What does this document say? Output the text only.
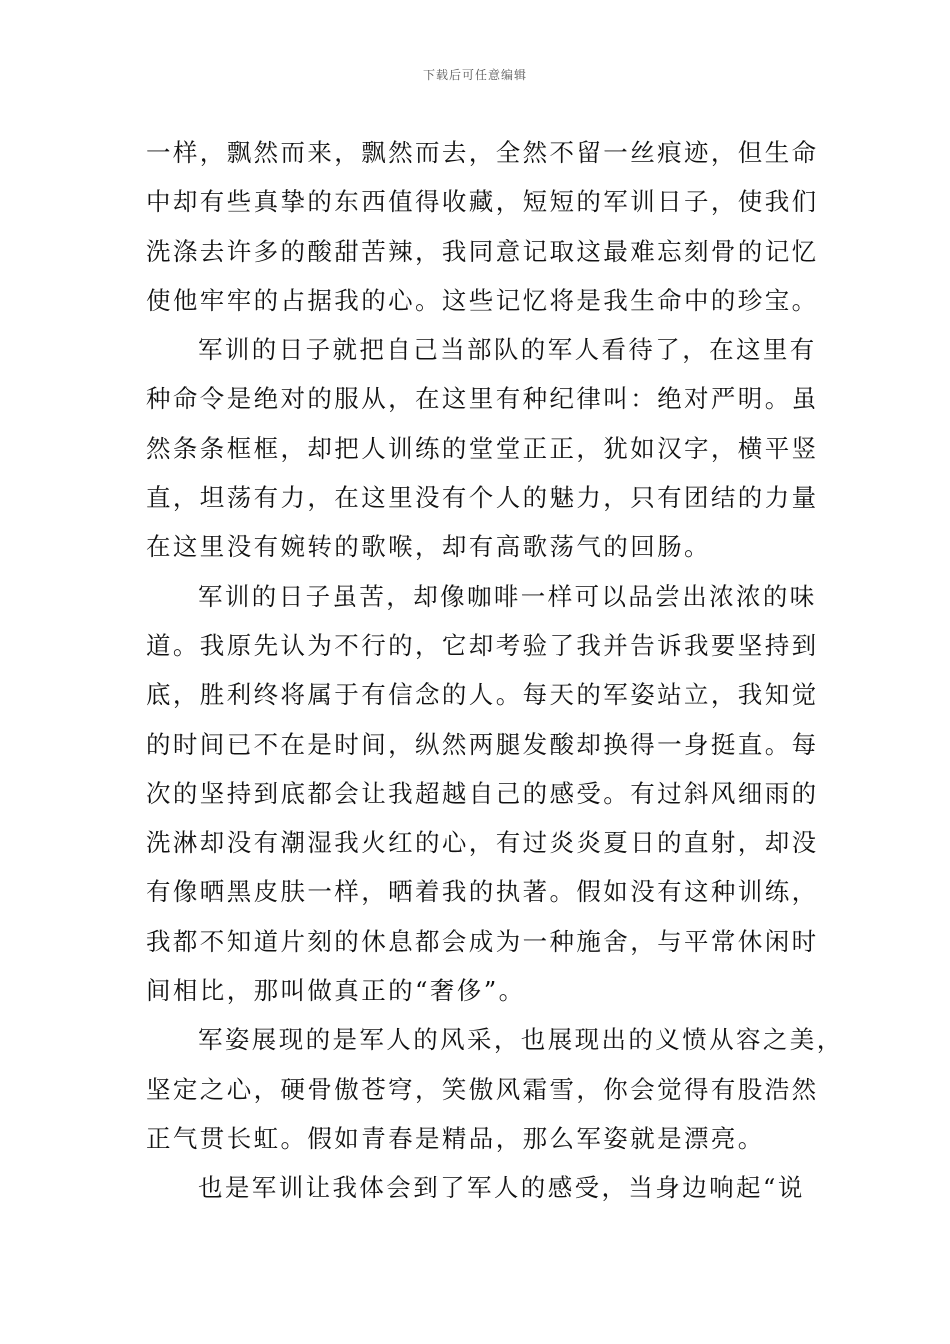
下载后可任意编辑
一样，飘然而来，飘然而去，全然不留一丝痕迹，但生命
中却有些真挚的东西值得收藏，短短的军训日子，使我们
洗涤去许多的酸甜苦辣，我同意记取这最难忘刻骨的记忆
使他牢牢的占据我的心。这些记忆将是我生命中的珍宝。
军训的日子就把自己当部队的军人看待了，在这里有
种命令是绝对的服从，在这里有种纪律叫：绝对严明。虽
然条条框框，却把人训练的堂堂正正，犹如汉字，横平竖
直，坦荡有力，在这里没有个人的魅力，只有团结的力量
在这里没有婉转的歌喉，却有高歌荡气的回肠。
军训的日子虽苦，却像咖啡一样可以品尝出浓浓的味
道。我原先认为不行的，它却考验了我并告诉我要坚持到
底，胜利终将属于有信念的人。每天的军姿站立，我知觉
的时间已不在是时间，纵然两腿发酸却换得一身挺直。每
次的坚持到底都会让我超越自己的感受。有过斜风细雨的
洗淋却没有潮湿我火红的心，有过炎炎夏日的直射，却没
有像晒黑皮肤一样，晒着我的执著。假如没有这种训练，
我都不知道片刻的休息都会成为一种施舍，与平常休闲时
间相比，那叫做真正的“奢侈”。
军姿展现的是军人的风采，也展现出的义愤从容之美，
坚定之心，硬骨傲苍穹，笑傲风霜雪，你会觉得有股浩然
正气贯长虹。假如青春是精品，那么军姿就是漂亮。
也是军训让我体会到了军人的感受，当身边响起“说
